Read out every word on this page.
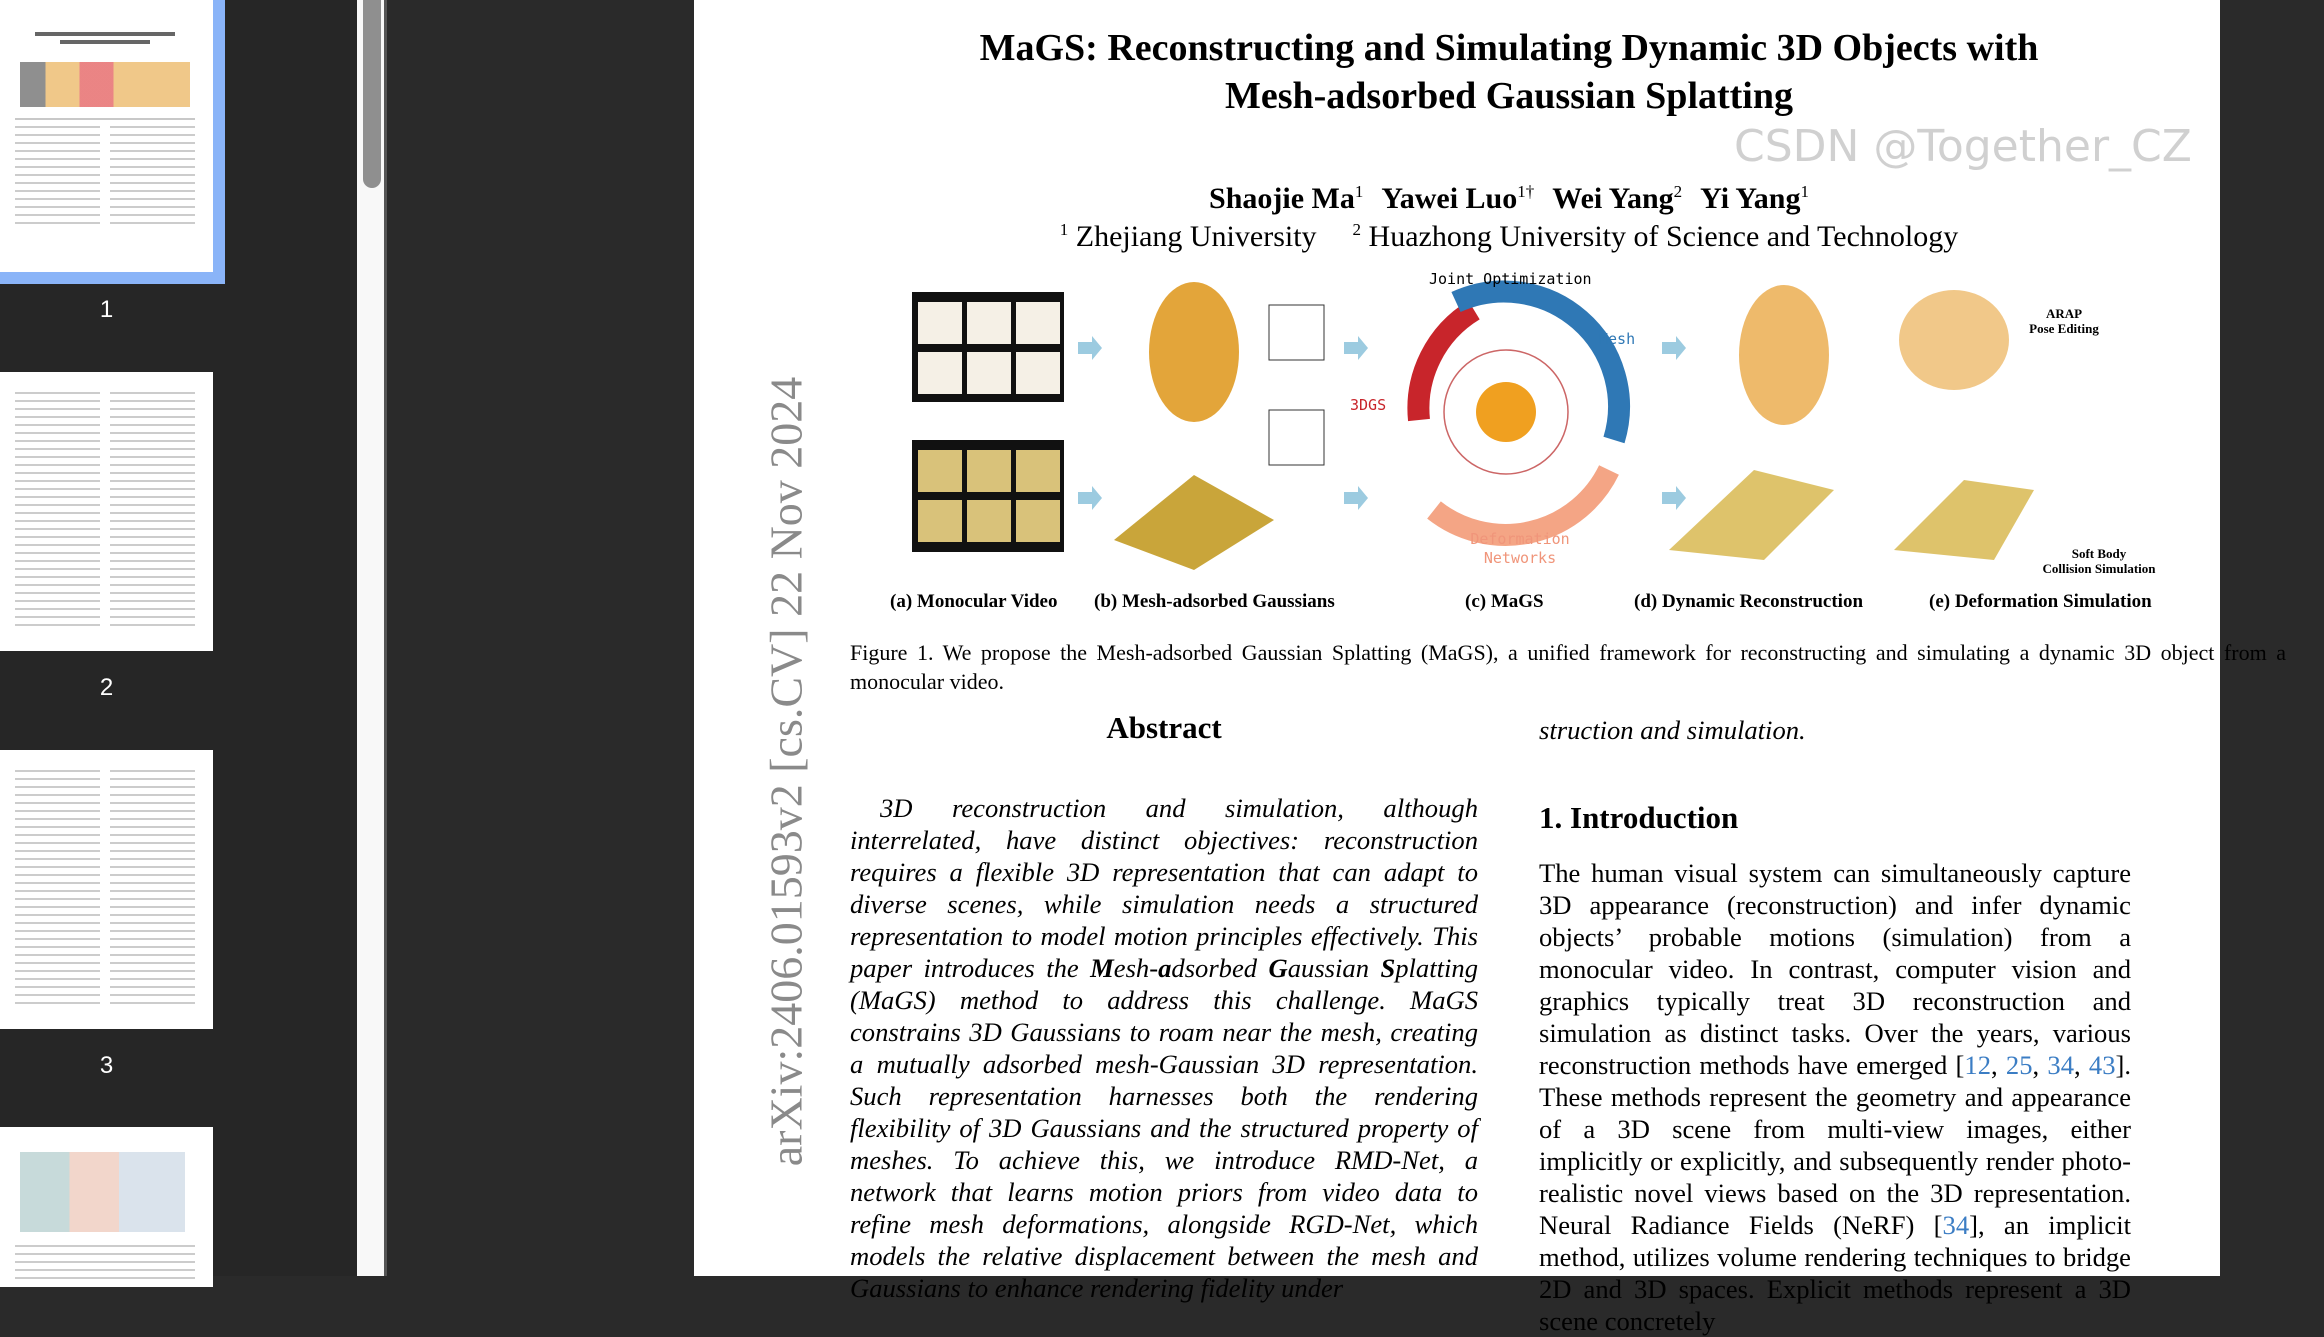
1
2
3
MaGS: Reconstructing and Simulating Dynamic 3D Objects with
Mesh-adsorbed Gaussian Splatting
CSDN @Together_CZ
Shaojie Ma$^1$ Yawei Luo$^{1\dagger}$ Wei Yang$^2$ Yi Yang$^1$
$^1$ Zhejiang University $^2$ Huazhong University of Science and Technology
arXiv:2406.01593v2 [cs.CV] 22 Nov 2024
Joint Optimization
Mesh
3DGS
Deformation
Networks
ARAP
Pose Editing
Soft Body
Collision Simulation
(a) Monocular Video (b) Mesh-adsorbed Gaussians	(c) MaGS	(d) Dynamic Reconstruction	(e) Deformation Simulation
Figure 1. We propose the Mesh-adsorbed Gaussian Splatting (MaGS), a unified framework for reconstructing and simulating a dynamic 3D object from a monocular video.
Abstract
3D reconstruction and simulation, although interrelated, have distinct objectives: reconstruction requires a flexible 3D representation that can adapt to diverse scenes, while simulation needs a structured representation to model motion principles effectively. This paper introduces the Mesh-adsorbed Gaussian Splatting (MaGS) method to address this challenge. MaGS constrains 3D Gaussians to roam near the mesh, creating a mutually adsorbed mesh-Gaussian 3D representation. Such representation harnesses both the rendering flexibility of 3D Gaussians and the structured property of meshes. To achieve this, we introduce RMD-Net, a network that learns motion priors from video data to refine mesh deformations, alongside RGD-Net, which models the relative displacement between the mesh and Gaussians to enhance rendering fidelity under
struction and simulation.
1. Introduction
The human visual system can simultaneously capture 3D appearance (reconstruction) and infer dynamic objects’ probable motions (simulation) from a monocular video. In contrast, computer vision and graphics typically treat 3D reconstruction and simulation as distinct tasks. Over the years, various reconstruction methods have emerged [12, 25, 34, 43]. These methods represent the geometry and appearance of a 3D scene from multi-view images, either implicitly or explicitly, and subsequently render photo-realistic novel views based on the 3D representation. Neural Radiance Fields (NeRF) [34], an implicit method, utilizes volume rendering techniques to bridge 2D and 3D spaces. Explicit methods represent a 3D scene concretely
